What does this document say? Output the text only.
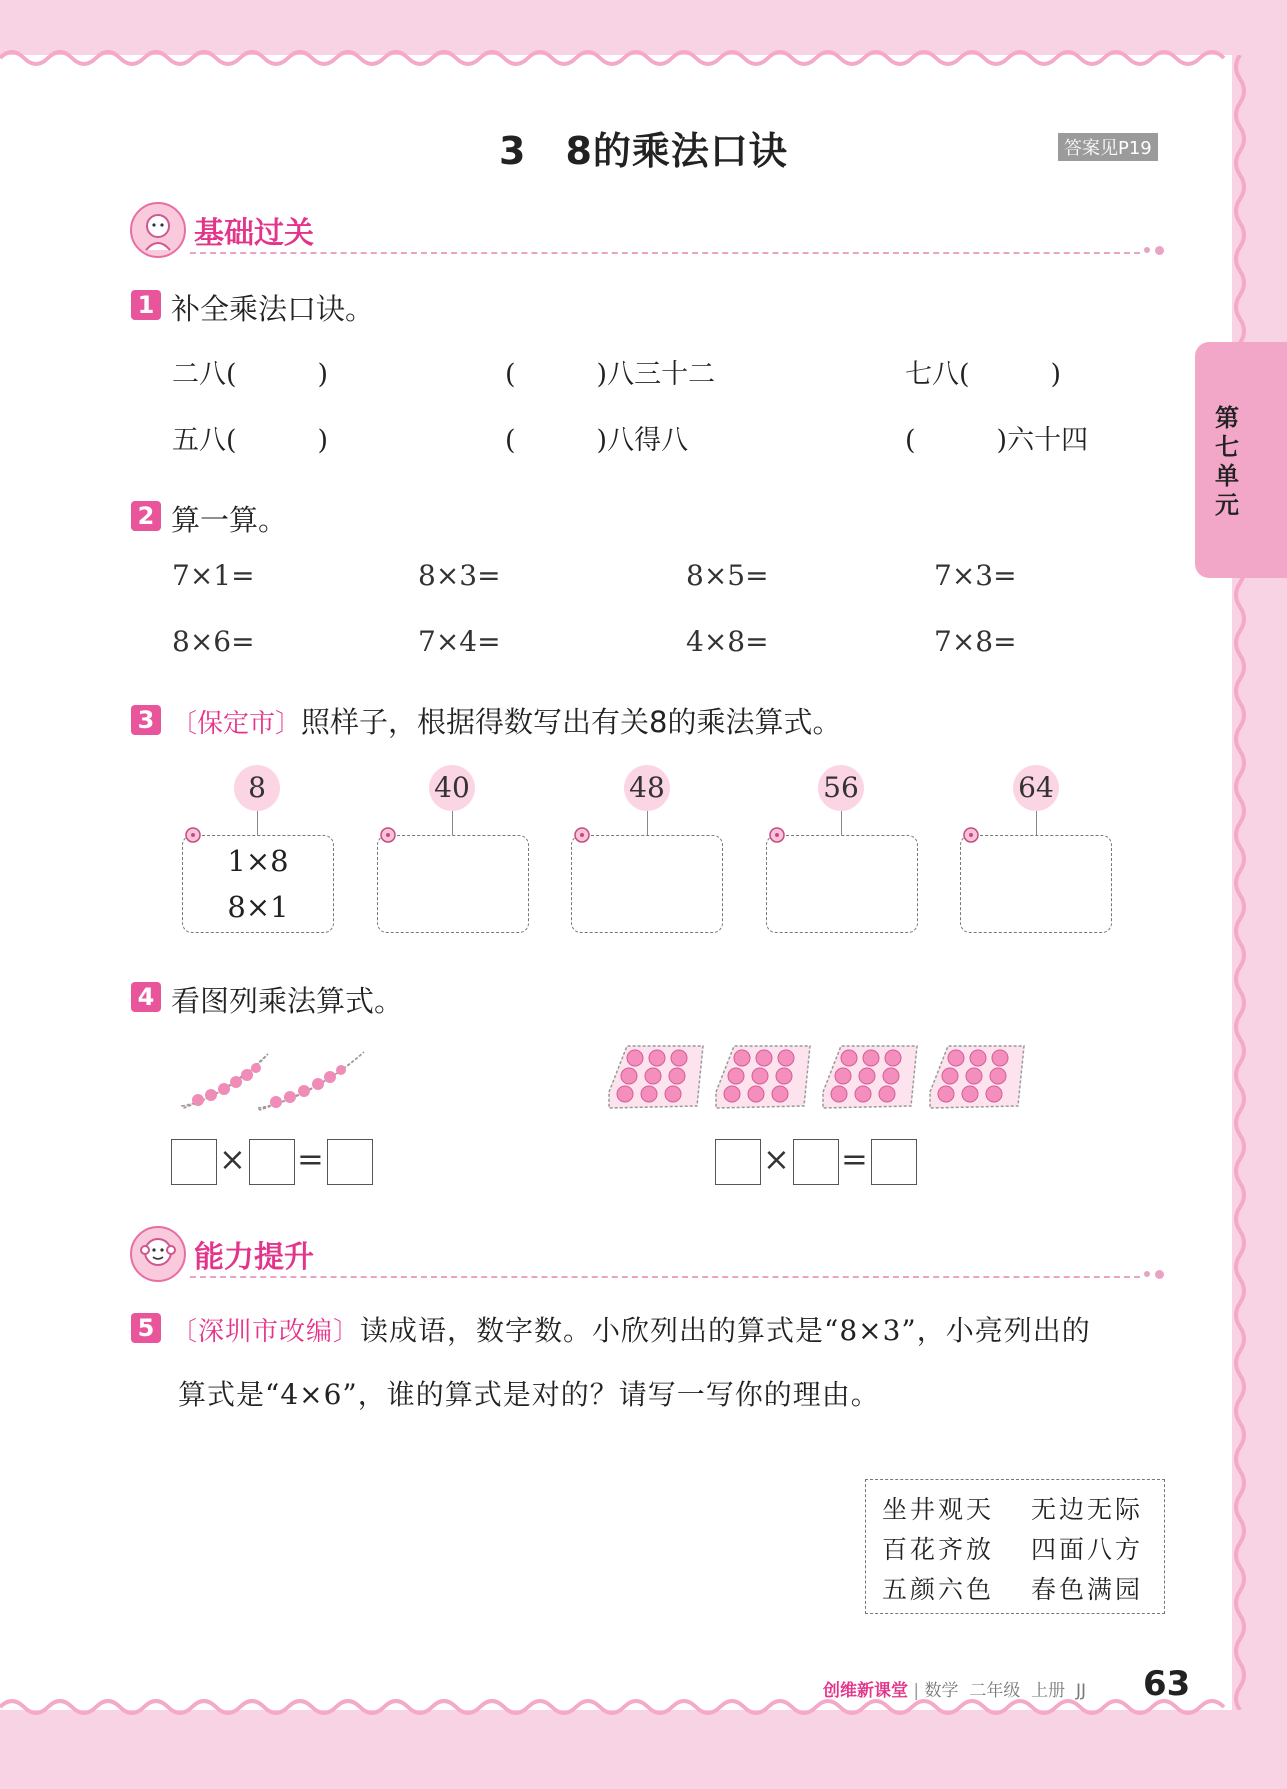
3　8的乘法口诀	答案见P19
第七单元
基础过关
1 补全乘法口诀。
二八(　　　)	(　　　)八三十二	七八(　　　)
五八(　　　)	(　　　)八得八	(　　　)六十四
2 算一算。
7×1=	8×3=	8×5=	7×3=
8×6=	7×4=	4×8=	7×8=
3 〔保定市〕照样子，根据得数写出有关8的乘法算式。
8	40	48	56	64
1×8
8×1
4 看图列乘法算式。
× =	× =
能力提升
5 〔深圳市改编〕读成语，数字数。小欣列出的算式是“8×3”，小亮列出的
算式是“4×6”，谁的算式是对的？请写一写你的理由。
坐井观天 无边无际
百花齐放 四面八方
五颜六色 春色满园
创维新课堂 | 数学 二年级 上册 JJ 63
